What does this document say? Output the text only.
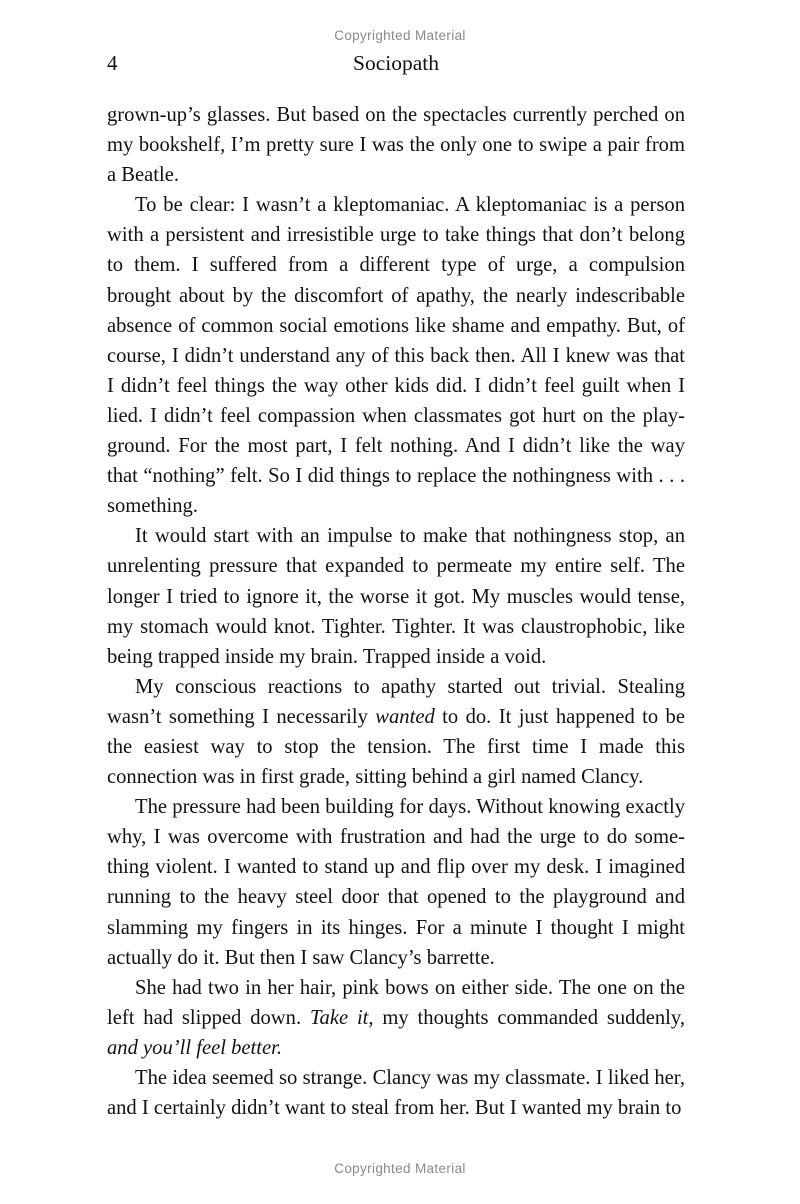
Copyrighted Material
4	Sociopath

grown-up’s glasses. But based on the spectacles currently perched on my bookshelf, I’m pretty sure I was the only one to swipe a pair from a Beatle.

To be clear: I wasn’t a kleptomaniac. A kleptomaniac is a person with a persistent and irresistible urge to take things that don’t belong to them. I suffered from a different type of urge, a compulsion brought about by the discomfort of apathy, the nearly indescribable absence of common social emotions like shame and empathy. But, of course, I didn’t understand any of this back then. All I knew was that I didn’t feel things the way other kids did. I didn’t feel guilt when I lied. I didn’t feel compassion when classmates got hurt on the playground. For the most part, I felt nothing. And I didn’t like the way that “nothing” felt. So I did things to replace the nothingness with . . . something.

It would start with an impulse to make that nothingness stop, an unrelenting pressure that expanded to permeate my entire self. The longer I tried to ignore it, the worse it got. My muscles would tense, my stomach would knot. Tighter. Tighter. It was claustrophobic, like being trapped inside my brain. Trapped inside a void.

My conscious reactions to apathy started out trivial. Stealing wasn’t something I necessarily wanted to do. It just happened to be the easiest way to stop the tension. The first time I made this connection was in first grade, sitting behind a girl named Clancy.

The pressure had been building for days. Without knowing exactly why, I was overcome with frustration and had the urge to do something violent. I wanted to stand up and flip over my desk. I imagined running to the heavy steel door that opened to the playground and slamming my fingers in its hinges. For a minute I thought I might actually do it. But then I saw Clancy’s barrette.

She had two in her hair, pink bows on either side. The one on the left had slipped down. Take it, my thoughts commanded suddenly, and you’ll feel better.

The idea seemed so strange. Clancy was my classmate. I liked her, and I certainly didn’t want to steal from her. But I wanted my brain to

Copyrighted Material
